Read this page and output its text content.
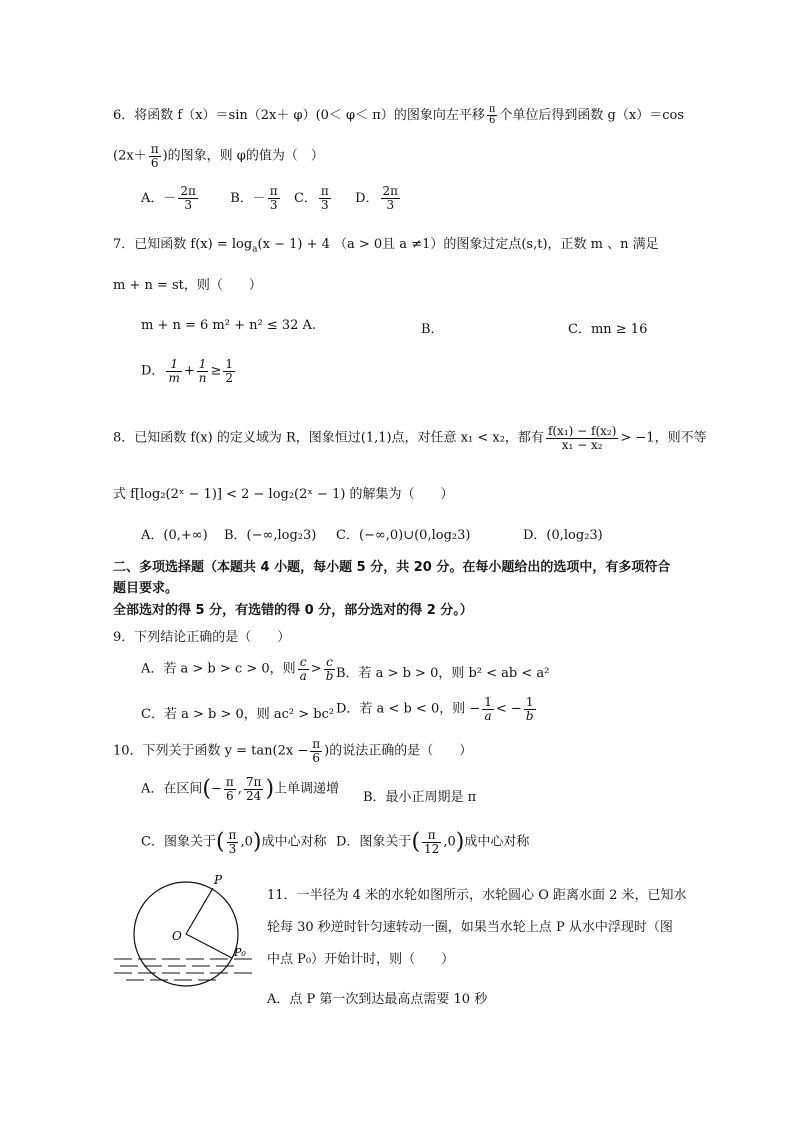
6．将函数 f（x）＝sin（2x＋ φ）(0＜ φ＜ π）的图象向左平移 $\frac{\pi}{6}$ 个单位后得到函数 g（x）＝cos
($2x+ \frac{\pi}{6}$ )的图象，则 φ的值为（　）
A．－ $\frac{2\pi}{3}$ B．－ $\frac{\pi}{3}$ C． $\frac{\pi}{3}$ D． $\frac{2\pi}{3}$
7．已知函数 $f(x) = \log_a(x - 1) + 4$ （a > 0且 a ≠1）的图象过定点(s,t)，正数 m 、n 满足
m + n = st，则（　　）
m + n = 6 m² + n² ≤ 32 A.	B．	C．mn ≥ 16
D． $\frac{1}{m} + \frac{1}{n} \ge \frac{1}{2}$
8．已知函数 f(x) 的定义域为 R，图象恒过(1,1)点，对任意 x₁ < x₂，都有 $\frac{\text{f(x₁) − f(x₂)}}{\text{x₁ − x₂}} > -1$，则不等
式 f[log₂(2ˣ − 1)] < 2 − log₂(2ˣ − 1) 的解集为（　　）
A．(0,+∞) B．(−∞,log₂3) C．(−∞,0)∪(0,log₂3)	D．(0,log₂3)
二、多项选择题（本题共 4 小题，每小题 5 分，共 20 分。在每小题给出的选项中，有多项符合
题目要求。
全部选对的得 5 分，有选错的得 0 分，部分选对的得 2 分。）
9．下列结论正确的是（　　）
A．若 a > b > c > 0，则 $\frac{c}{a} > \frac{c}{b}$ B．若 a > b > 0，则 b² < ab < a²
C．若 a > b > 0，则 ac² > bc² D．若 a < b < 0，则 − $\frac{1}{a}$ < − $\frac{1}{b}$
10．下列关于函数 $y = \tan(2x - \frac{\pi}{6}$ )的说法正确的是（　　）
A．在区间(− $\frac{\pi}{6}$ , $\frac{7\pi}{24}$ )上单调递增
B．最小正周期是 π
C．图象关于( $\frac{\pi}{3} ,0$)成中心对称 D．图象关于( $\frac{\pi}{12} ,0$)成中心对称
P
O
P₀
11．一半径为 4 米的水轮如图所示，水轮圆心 O 距离水面 2 米，已知水
轮每 30 秒逆时针匀速转动一圈，如果当水轮上点 P 从水中浮现时（图
中点 P₀）开始计时，则（　　）
A．点 P 第一次到达最高点需要 10 秒
